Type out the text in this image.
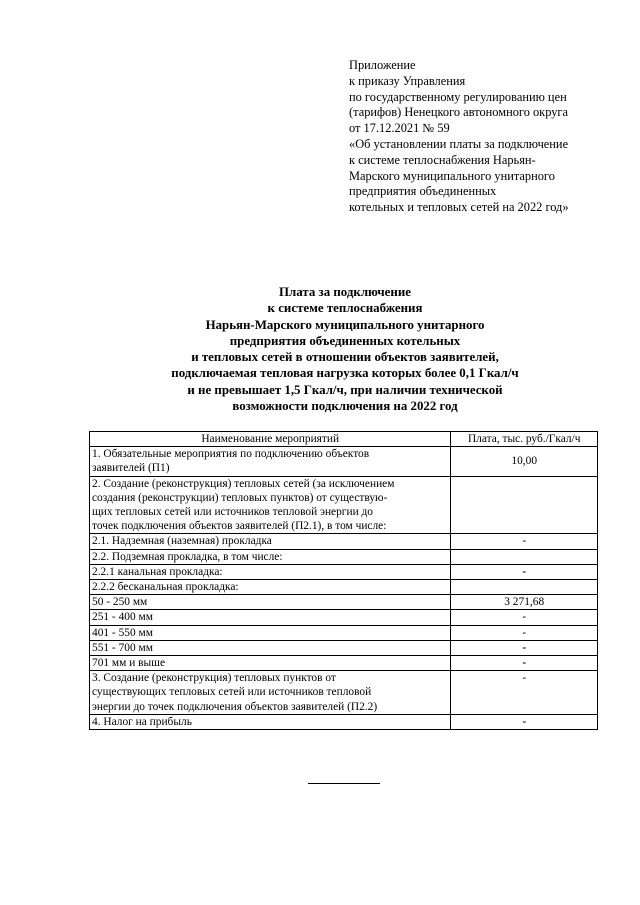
Приложение
к приказу Управления
по государственному регулированию цен
(тарифов) Ненецкого автономного округа
от 17.12.2021 № 59
«Об установлении платы за подключение
к системе теплоснабжения Нарьян-
Марского муниципального унитарного
предприятия объединенных
котельных и тепловых сетей на 2022 год»
Плата за подключение
к системе теплоснабжения
Нарьян-Марского муниципального унитарного
предприятия объединенных котельных
и тепловых сетей в отношении объектов заявителей,
подключаемая тепловая нагрузка которых более 0,1 Гкал/ч
и не превышает 1,5 Гкал/ч, при наличии технической
возможности подключения на 2022 год
Наименование мероприятий	Плата, тыс. руб./Гкал/ч
1. Обязательные мероприятия по подключению объектов
заявителей (П1)	10,00
2. Создание (реконструкция) тепловых сетей (за исключением
создания (реконструкции) тепловых пунктов) от существую-
щих тепловых сетей или источников тепловой энергии до
точек подключения объектов заявителей (П2.1), в том числе:	
2.1. Надземная (наземная) прокладка	-
2.2. Подземная прокладка, в том числе:	
2.2.1 канальная прокладка:	-
2.2.2 бесканальная прокладка:	
50 - 250 мм	3 271,68
251 - 400 мм	-
401 - 550 мм	-
551 - 700 мм	-
701 мм и выше	-
3. Создание (реконструкция) тепловых пунктов от
существующих тепловых сетей или источников тепловой
энергии до точек подключения объектов заявителей (П2.2)	-
4. Налог на прибыль	-
